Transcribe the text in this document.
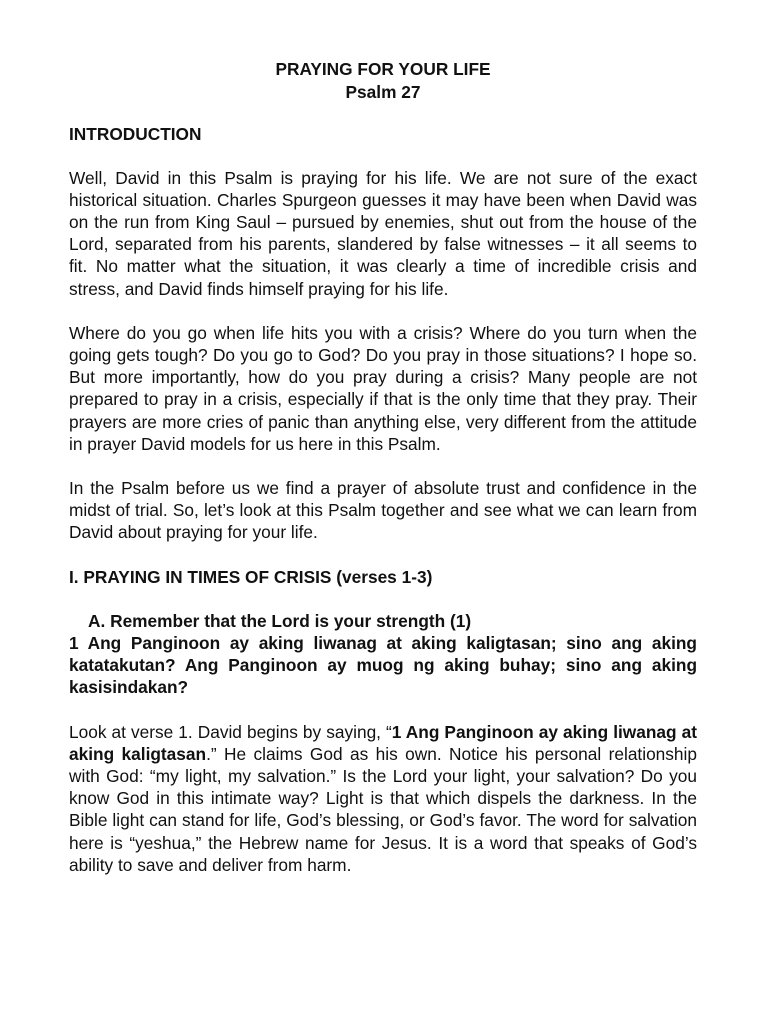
PRAYING FOR YOUR LIFE

Psalm 27

INTRODUCTION

Well, David in this Psalm is praying for his life. We are not sure of the exact historical situation. Charles Spurgeon guesses it may have been when David was on the run from King Saul – pursued by enemies, shut out from the house of the Lord, separated from his parents, slandered by false witnesses – it all seems to fit. No matter what the situation, it was clearly a time of incredible crisis and stress, and David finds himself praying for his life.

Where do you go when life hits you with a crisis? Where do you turn when the going gets tough? Do you go to God? Do you pray in those situations? I hope so. But more importantly, how do you pray during a crisis? Many people are not prepared to pray in a crisis, especially if that is the only time that they pray. Their prayers are more cries of panic than anything else, very different from the attitude in prayer David models for us here in this Psalm.

In the Psalm before us we find a prayer of absolute trust and confidence in the midst of trial. So, let’s look at this Psalm together and see what we can learn from David about praying for your life.

I. PRAYING IN TIMES OF CRISIS (verses 1-3)

A. Remember that the Lord is your strength (1)

1 Ang Panginoon ay aking liwanag at aking kaligtasan; sino ang aking katatakutan? Ang Panginoon ay muog ng aking buhay; sino ang aking kasisindakan?

Look at verse 1. David begins by saying, “1 Ang Panginoon ay aking liwanag at aking kaligtasan.” He claims God as his own. Notice his personal relationship with God: “my light, my salvation.” Is the Lord your light, your salvation? Do you know God in this intimate way? Light is that which dispels the darkness. In the Bible light can stand for life, God’s blessing, or God’s favor. The word for salvation here is “yeshua,” the Hebrew name for Jesus. It is a word that speaks of God’s ability to save and deliver from harm.
